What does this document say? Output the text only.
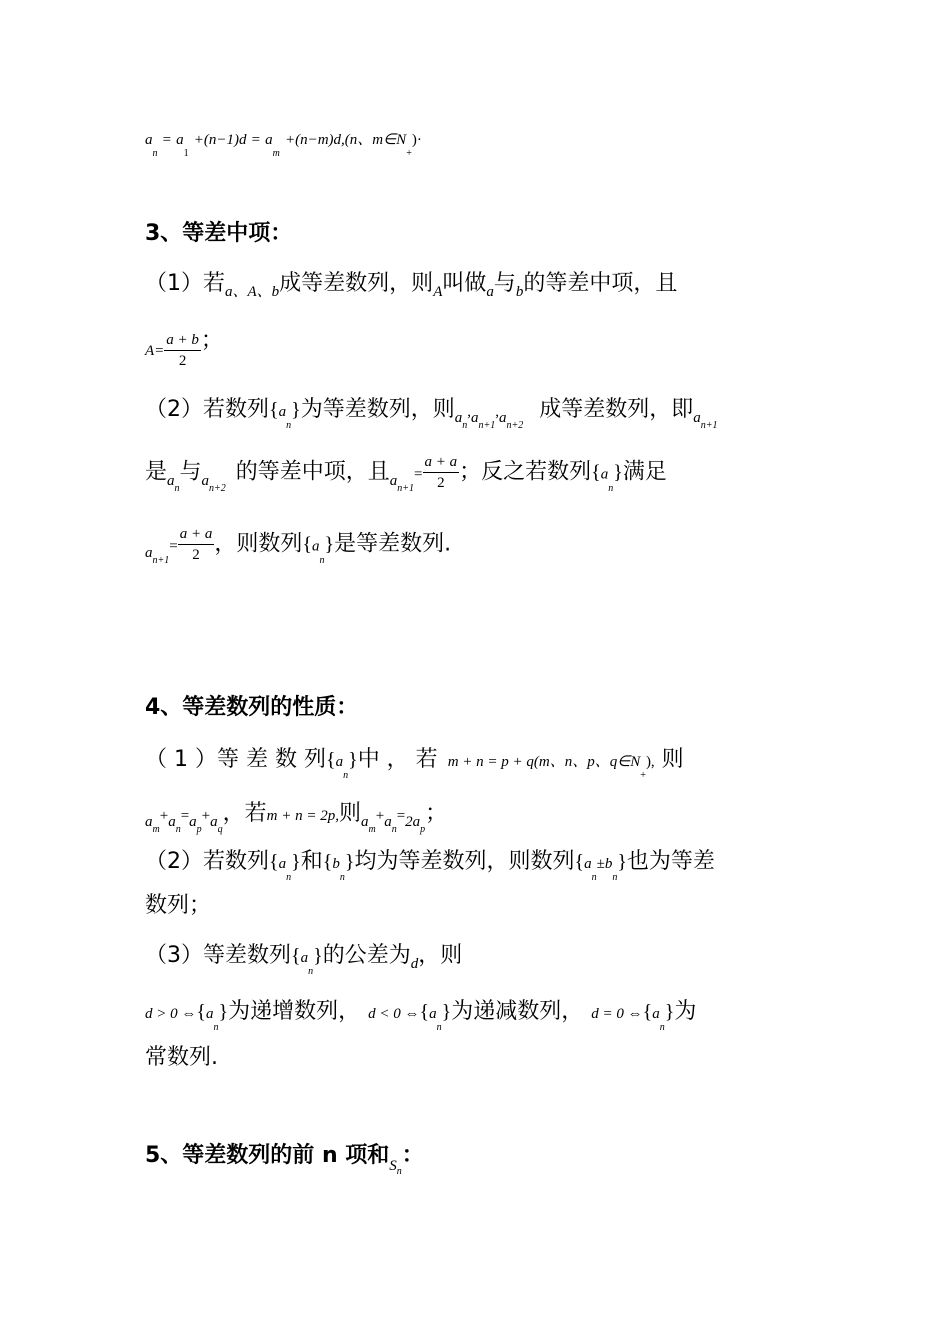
$a_n = a_1 +(n-1)d = a_m +(n-m)d,(n$、$m\in N_+)\cdot$
3、等差中项：
（1）若$_{a、A、b}$成等差数列，则$_A$叫做$_a$与$_b$的等差中项，且
$A= \frac{a + b}{2}$ ；
（2）若数列$\{a_n\}$为等差数列，则$_{an},_{an+1},_{an+2}$成等差数列，即$_{an+1}$
是$_{an}$与$_{an+2}$的等差中项，且$_{an+1}= \frac{a + a}{2}$ ；反之若数列$\{a_n\}$满足
$_{an+1}= \frac{a + a}{2}$ ，则数列$\{a_n\}$是等差数列.
4、等差数列的性质：
（ 1 ）等 差 数 列$\{a_n\}$中 ， 若 m + n = p + q(m、n、p、$q\in N_+$), 则
$_{am}+_{an}=_{ap}+_{aq}$，若m + n = 2p,则$_{am}+_{an}=_{2ap}$；
（2）若数列$\{a_n\}$和$\{b_n\}$均为等差数列，则数列$\{a_n\pm b_n\}$也为等差
数列；
（3）等差数列$\{a_n\}$的公差为$_d$，则
d > 0 $\Leftrightarrow\{a_n\}$为递增数列， d < 0 $\Leftrightarrow\{a_n\}$为递减数列， d = 0 $\Leftrightarrow\{a_n\}$为
常数列.
5、等差数列的前 n 项和$S_n$：
